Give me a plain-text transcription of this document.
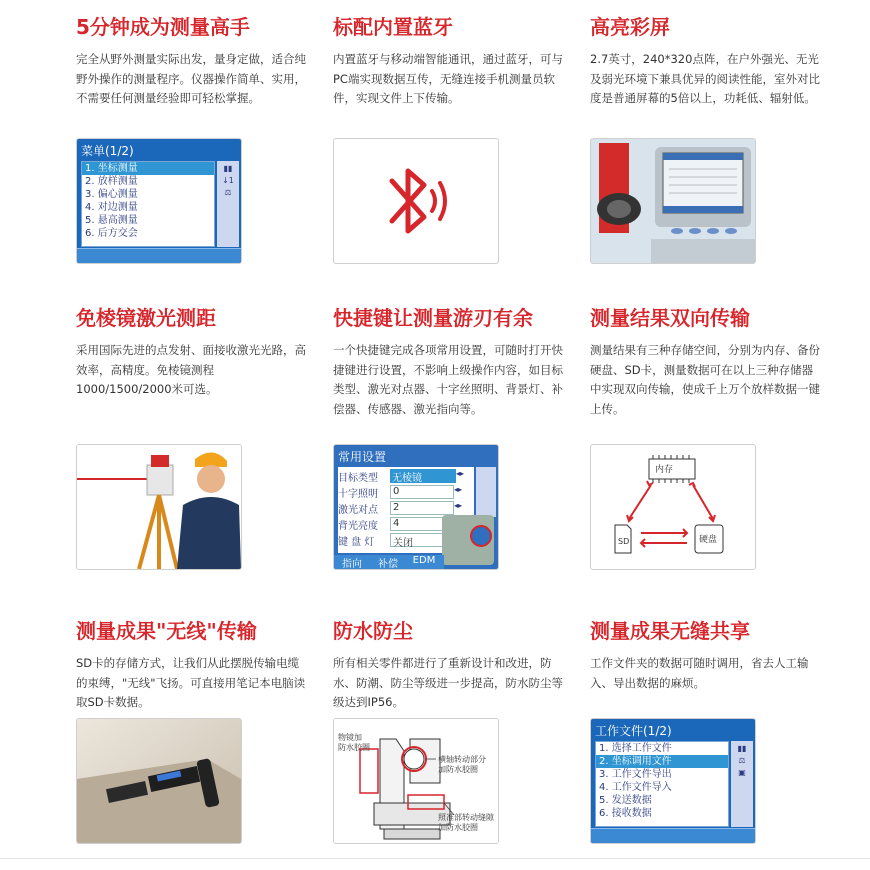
5分钟成为测量高手

完全从野外测量实际出发，量身定做，适合纯野外操作的测量程序。仪器操作简单、实用，不需要任何测量经验即可轻松掌握。

标配内置蓝牙

内置蓝牙与移动端智能通讯，通过蓝牙，可与PC端实现数据互传，无缝连接手机测量员软件，实现文件上下传输。

高亮彩屏

2.7英寸，240*320点阵，在户外强光、无光及弱光环境下兼具优异的阅读性能，室外对比度是普通屏幕的5倍以上，功耗低、辐射低。

菜单(1/2)
1. 坐标测量
2. 放样测量
3. 偏心测量
4. 对边测量
5. 悬高测量
6. 后方交会
▮▮
↓1
⚖
免棱镜激光测距

采用国际先进的点发射、面接收激光光路，高效率，高精度。免棱镜测程1000/1500/2000米可选。

快捷键让测量游刃有余

一个快捷键完成各项常用设置，可随时打开快捷键进行设置，不影响上级操作内容，如目标类型、激光对点器、十字丝照明、背景灯、补偿器、传感器、激光指向等。

测量结果双向传输

测量结果有三种存储空间，分别为内存、备份硬盘、SD卡，测量数据可在以上三种存储器中实现双向传输，使成千上万个放样数据一键上传。

常用设置
目标类型	无棱镜	◂▸
十字照明	0	◂▸
激光对点	2	◂▸
背光亮度	4
键 盘 灯	关闭
指向	补偿	EDM
内存
SD	硬盘
测量成果"无线"传输

SD卡的存储方式，让我们从此摆脱传输电缆的束缚，"无线"飞扬。可直接用笔记本电脑读取SD卡数据。

防水防尘

所有相关零件都进行了重新设计和改进，防水、防潮、防尘等级进一步提高，防水防尘等级达到IP56。

测量成果无缝共享

工作文件夹的数据可随时调用，省去人工输入、导出数据的麻烦。

物镜加
防水胶圈
横轴转动部分
加防水胶圈
照准部转动缝隙
加防水胶圈
工作文件(1/2)
1. 选择工作文件
2. 坐标调用文件
3. 工作文件导出
4. 工作文件导入
5. 发送数据
6. 接收数据
▮▮
⚖
▣
